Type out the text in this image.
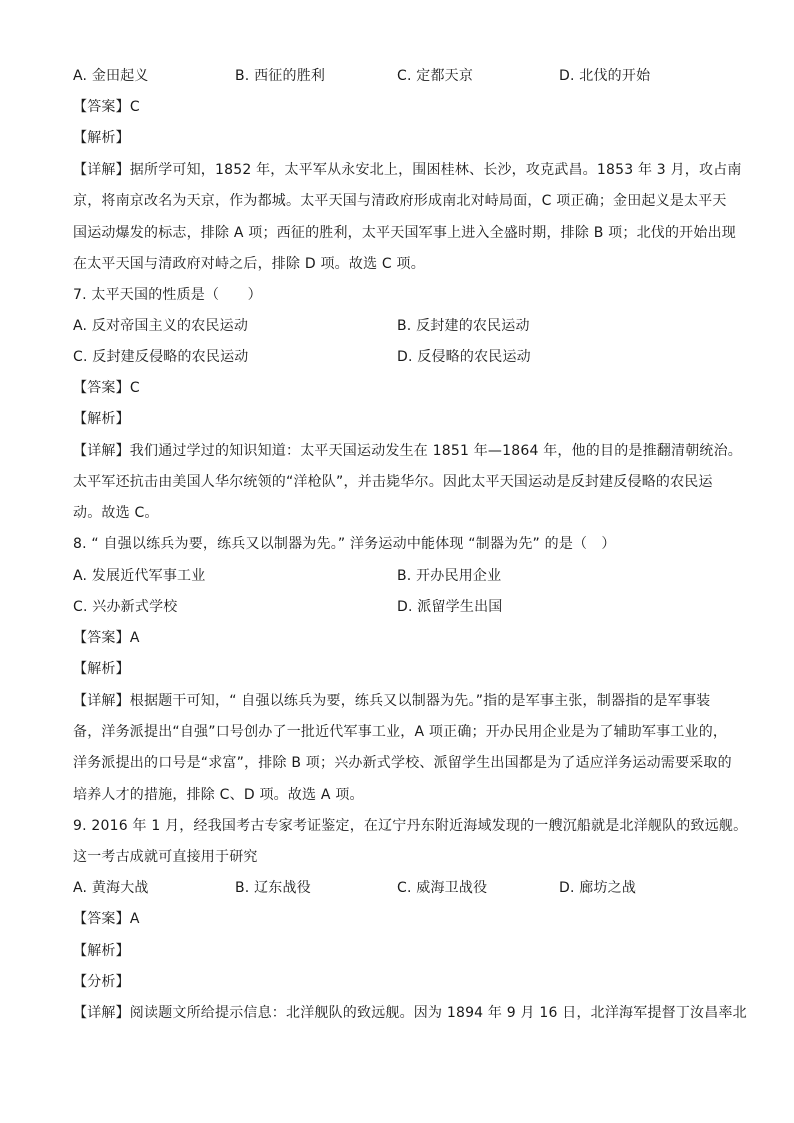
A. 金田起义	B. 西征的胜利	C. 定都天京	D. 北伐的开始
【答案】C
【解析】
【详解】据所学可知，1852 年，太平军从永安北上，围困桂林、长沙，攻克武昌。1853 年 3 月，攻占南
京，将南京改名为天京，作为都城。太平天国与清政府形成南北对峙局面，C 项正确；金田起义是太平天
国运动爆发的标志，排除 A 项；西征的胜利，太平天国军事上进入全盛时期，排除 B 项；北伐的开始出现
在太平天国与清政府对峙之后，排除 D 项。故选 C 项。
7. 太平天国的性质是（　　）
A. 反对帝国主义的农民运动	B. 反封建的农民运动
C. 反封建反侵略的农民运动	D. 反侵略的农民运动
【答案】C
【解析】
【详解】我们通过学过的知识知道：太平天国运动发生在 1851 年—1864 年，他的目的是推翻清朝统治。
太平军还抗击由美国人华尔统领的“洋枪队”，并击毙华尔。因此太平天国运动是反封建反侵略的农民运
动。故选 C。
8. “ 自强以练兵为要，练兵又以制器为先。” 洋务运动中能体现 “制器为先” 的是（　）
A. 发展近代军事工业	B. 开办民用企业
C. 兴办新式学校	D. 派留学生出国
【答案】A
【解析】
【详解】根据题干可知，“ 自强以练兵为要，练兵又以制器为先。”指的是军事主张，制器指的是军事装
备，洋务派提出“自强”口号创办了一批近代军事工业，A 项正确；开办民用企业是为了辅助军事工业的，
洋务派提出的口号是“求富”，排除 B 项；兴办新式学校、派留学生出国都是为了适应洋务运动需要采取的
培养人才的措施，排除 C、D 项。故选 A 项。
9. 2016 年 1 月，经我国考古专家考证鉴定，在辽宁丹东附近海域发现的一艘沉船就是北洋舰队的致远舰。
这一考古成就可直接用于研究
A. 黄海大战	B. 辽东战役	C. 威海卫战役	D. 廊坊之战
【答案】A
【解析】
【分析】
【详解】阅读题文所给提示信息：北洋舰队的致远舰。因为 1894 年 9 月 16 日，北洋海军提督丁汝昌率北
